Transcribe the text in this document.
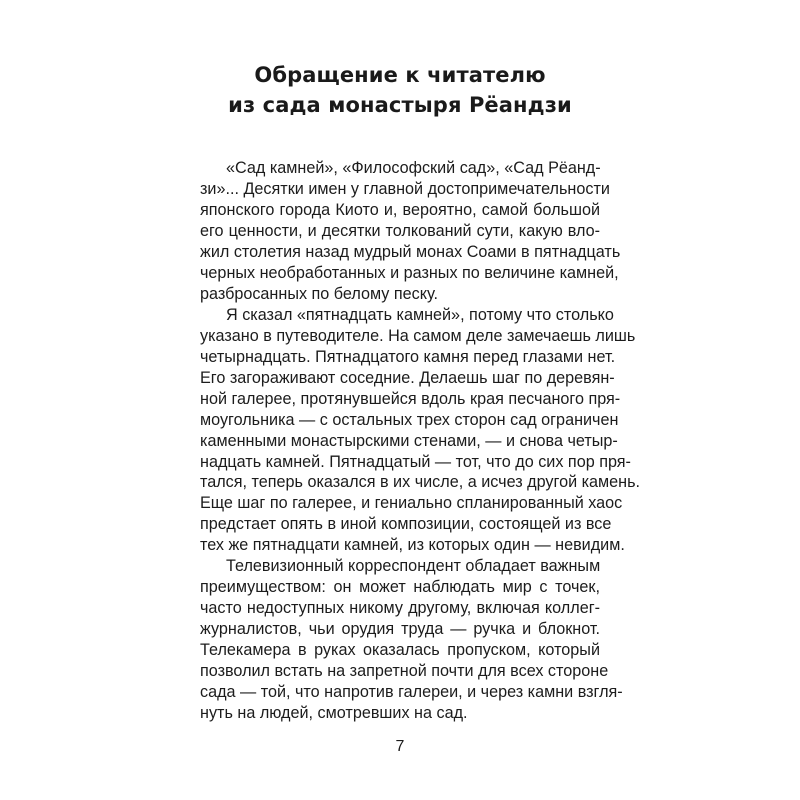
Обращение к читателю
из сада монастыря Рёандзи
«Сад камней», «Философский сад», «Сад Рёанд-
зи»... Десятки имен у главной достопримечательности
японского города Киото и, вероятно, самой большой
его ценности, и десятки толкований сути, какую вло-
жил столетия назад мудрый монах Соами в пятнадцать
черных необработанных и разных по величине камней,
разбросанных по белому песку.
Я сказал «пятнадцать камней», потому что столько
указано в путеводителе. На самом деле замечаешь лишь
четырнадцать. Пятнадцатого камня перед глазами нет.
Его загораживают соседние. Делаешь шаг по деревян-
ной галерее, протянувшейся вдоль края песчаного пря-
моугольника — с остальных трех сторон сад ограничен
каменными монастырскими стенами, — и снова четыр-
надцать камней. Пятнадцатый — тот, что до сих пор пря-
тался, теперь оказался в их числе, а исчез другой камень.
Еще шаг по галерее, и гениально спланированный хаос
предстает опять в иной композиции, состоящей из все
тех же пятнадцати камней, из которых один — невидим.
Телевизионный корреспондент обладает важным
преимуществом: он может наблюдать мир с точек,
часто недоступных никому другому, включая коллег-
журналистов, чьи орудия труда — ручка и блокнот.
Телекамера в руках оказалась пропуском, который
позволил встать на запретной почти для всех стороне
сада — той, что напротив галереи, и через камни взгля-
нуть на людей, смотревших на сад.
7
